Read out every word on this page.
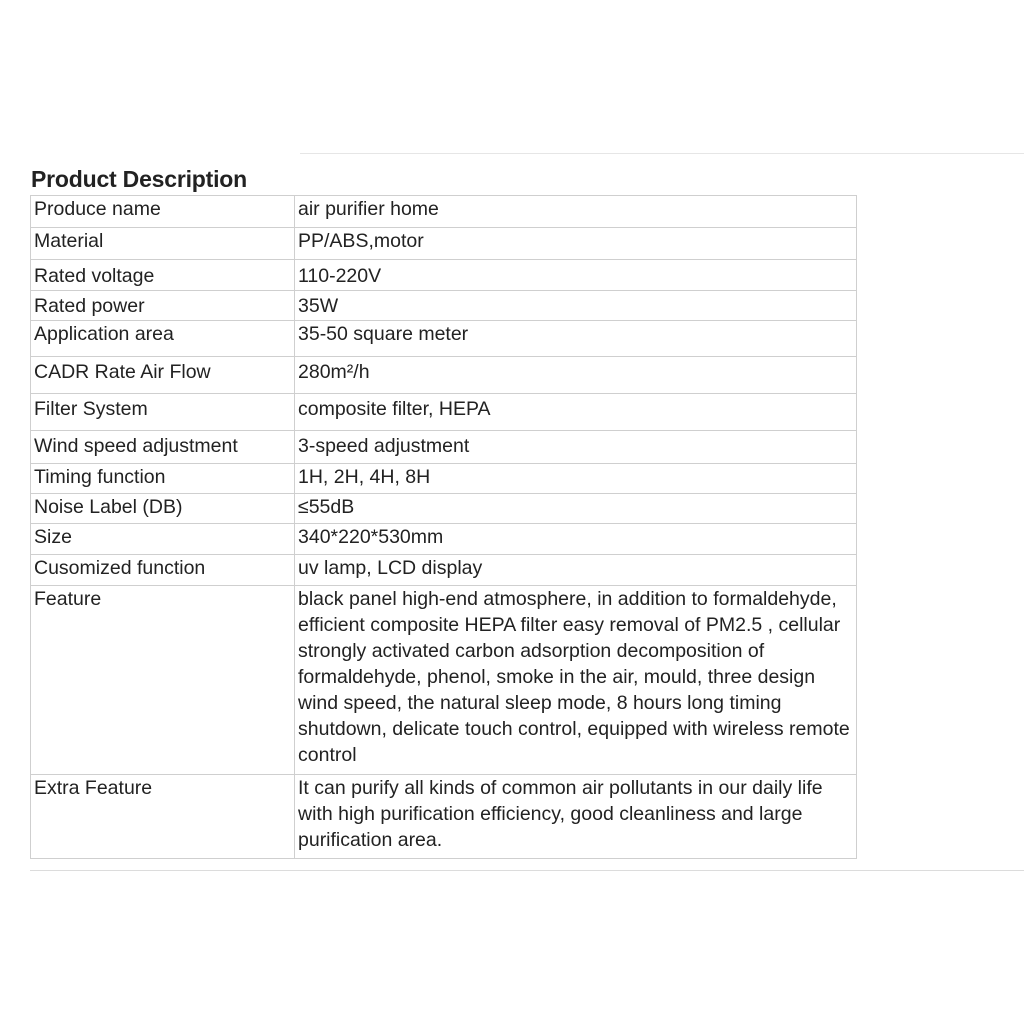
Product Description
Produce name	air purifier home
Material	PP/ABS,motor
Rated voltage	110-220V
Rated power	35W
Application area	35-50 square meter
CADR Rate Air Flow	280m²/h
Filter System	composite filter, HEPA
Wind speed adjustment	3-speed adjustment
Timing function	1H, 2H, 4H, 8H
Noise Label (DB)	≤55dB
Size	340*220*530mm
Cusomized function	uv lamp, LCD display
Feature	black panel high-end atmosphere, in addition to formaldehyde, efficient composite HEPA filter easy removal of PM2.5 , cellular strongly activated carbon adsorption decomposition of formaldehyde, phenol, smoke in the air, mould, three design wind speed, the natural sleep mode, 8 hours long timing shutdown, delicate touch control, equipped with wireless remote control
Extra Feature	It can purify all kinds of common air pollutants in our daily life with high purification efficiency, good cleanliness and large purification area.
